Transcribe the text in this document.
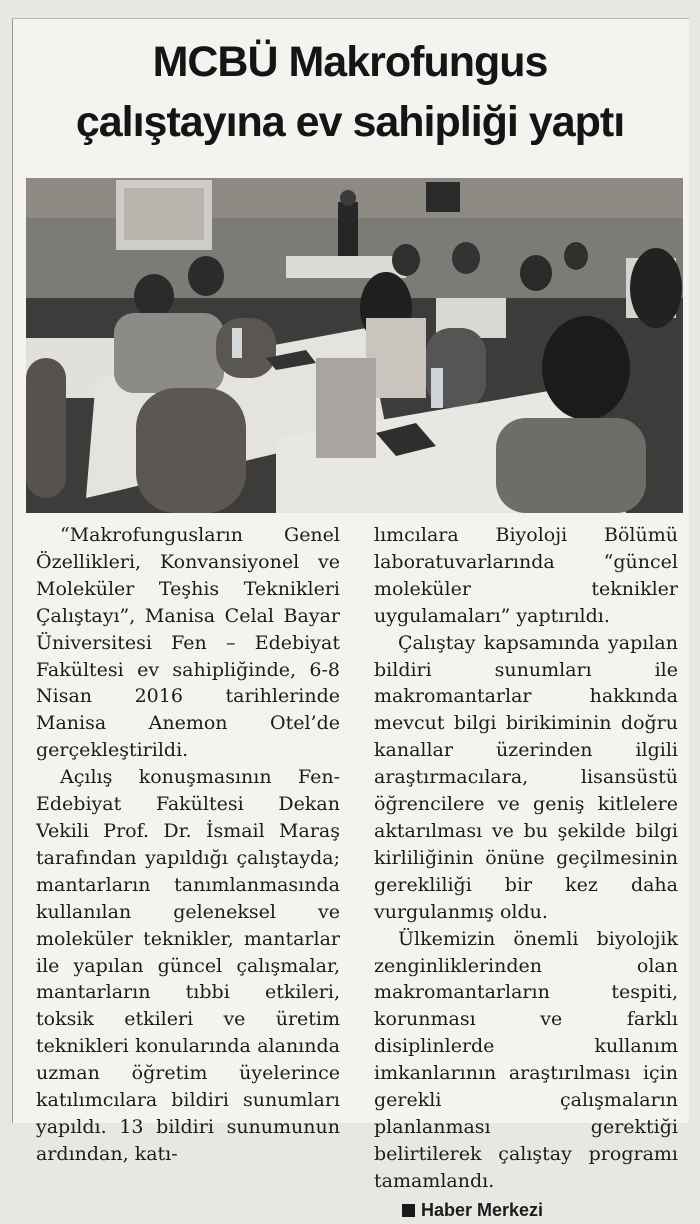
MCBÜ Makrofungus
çalıştayına ev sahipliği yaptı

“Makrofungusların Genel Özellikleri, Konvansiyonel ve Moleküler Teşhis Teknikleri Çalıştayı”, Manisa Celal Bayar Üniversitesi Fen – Edebiyat Fakültesi ev sahipliğinde, 6-8 Nisan 2016 tarihlerinde Manisa Anemon Otel’de gerçekleştirildi.

Açılış konuşmasının Fen-Edebiyat Fakültesi Dekan Vekili Prof. Dr. İsmail Maraş tarafından yapıldığı çalıştayda; mantarların tanımlanmasında kullanılan geleneksel ve moleküler teknikler, mantarlar ile yapılan güncel çalışmalar, mantarların tıbbi etkileri, toksik etkileri ve üretim teknikleri konularında alanında uzman öğretim üyelerince katılımcılara bildiri sunumları yapıldı. 13 bildiri sunumunun ardından, katı-

lımcılara Biyoloji Bölümü laboratuvarlarında “güncel moleküler teknikler uygulamaları” yaptırıldı.

Çalıştay kapsamında yapılan bildiri sunumları ile makromantarlar hakkında mevcut bilgi birikiminin doğru kanallar üzerinden ilgili araştırmacılara, lisansüstü öğrencilere ve geniş kitlelere aktarılması ve bu şekilde bilgi kirliliğinin önüne geçilmesinin gerekliliği bir kez daha vurgulanmış oldu.

Ülkemizin önemli biyolojik zenginliklerinden olan makromantarların tespiti, korunması ve farklı disiplinlerde kullanım imkanlarının araştırılması için gerekli çalışmaların planlanması gerektiği belirtilerek çalıştay programı tamamlandı.

Haber Merkezi
